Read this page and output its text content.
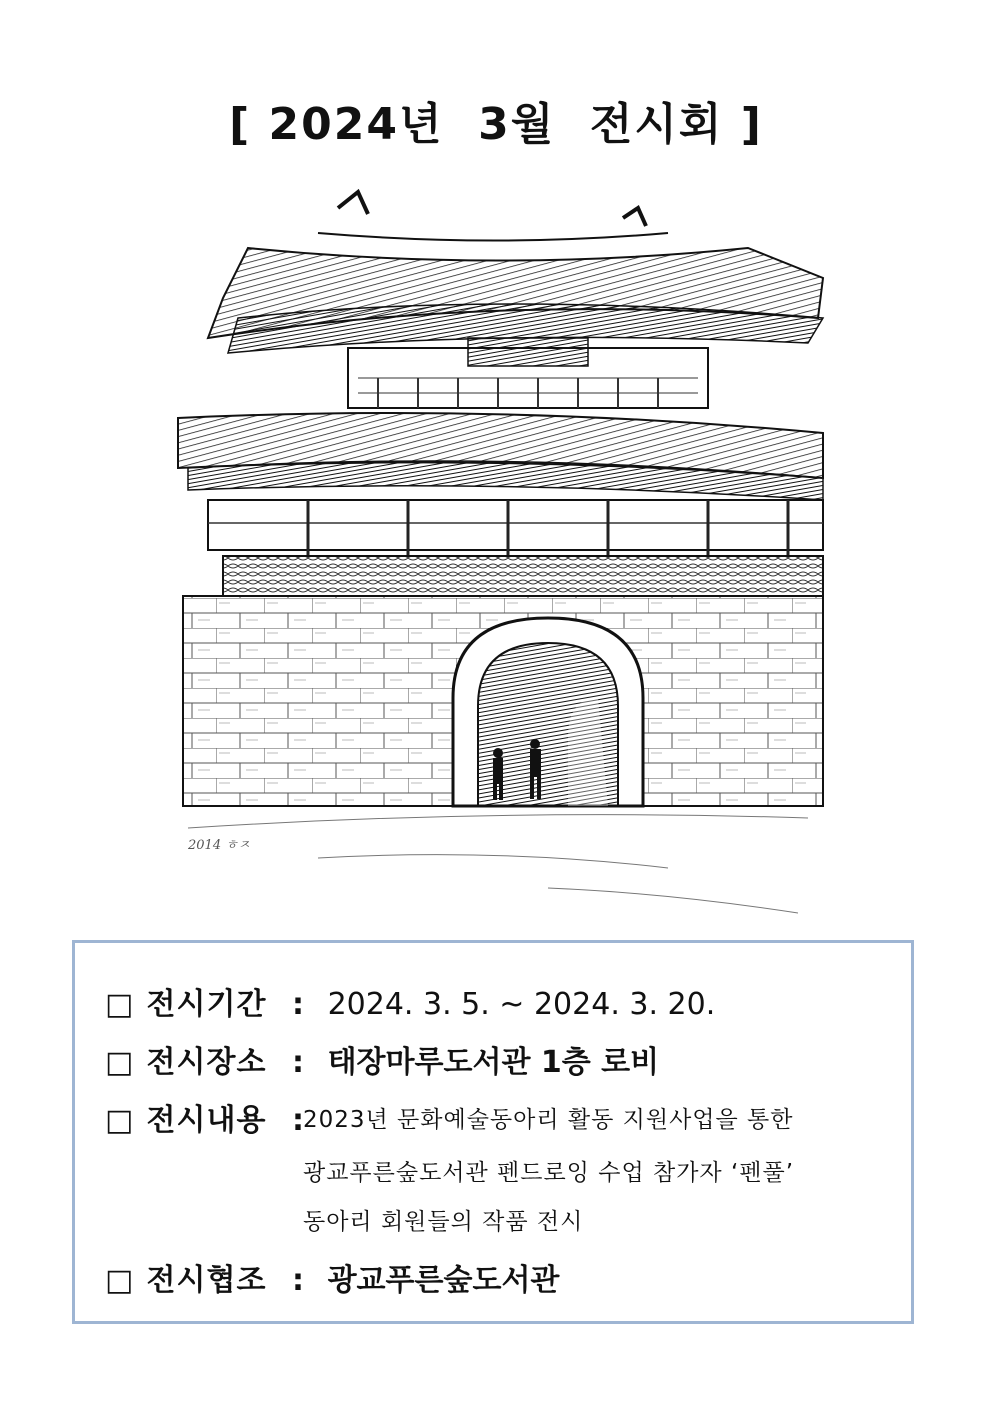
[ 2024년  3월  전시회 ]
2014 ㅎㅈ
□ 전시기간 : 2024. 3. 5. ~ 2024. 3. 20.
□ 전시장소 : 태장마루도서관 1층 로비
□ 전시내용 :
2023년 문화예술동아리 활동 지원사업을 통한
광교푸른숲도서관 펜드로잉 수업 참가자 ‘펜풀’
동아리 회원들의 작품 전시
□ 전시협조 : 광교푸른숲도서관
